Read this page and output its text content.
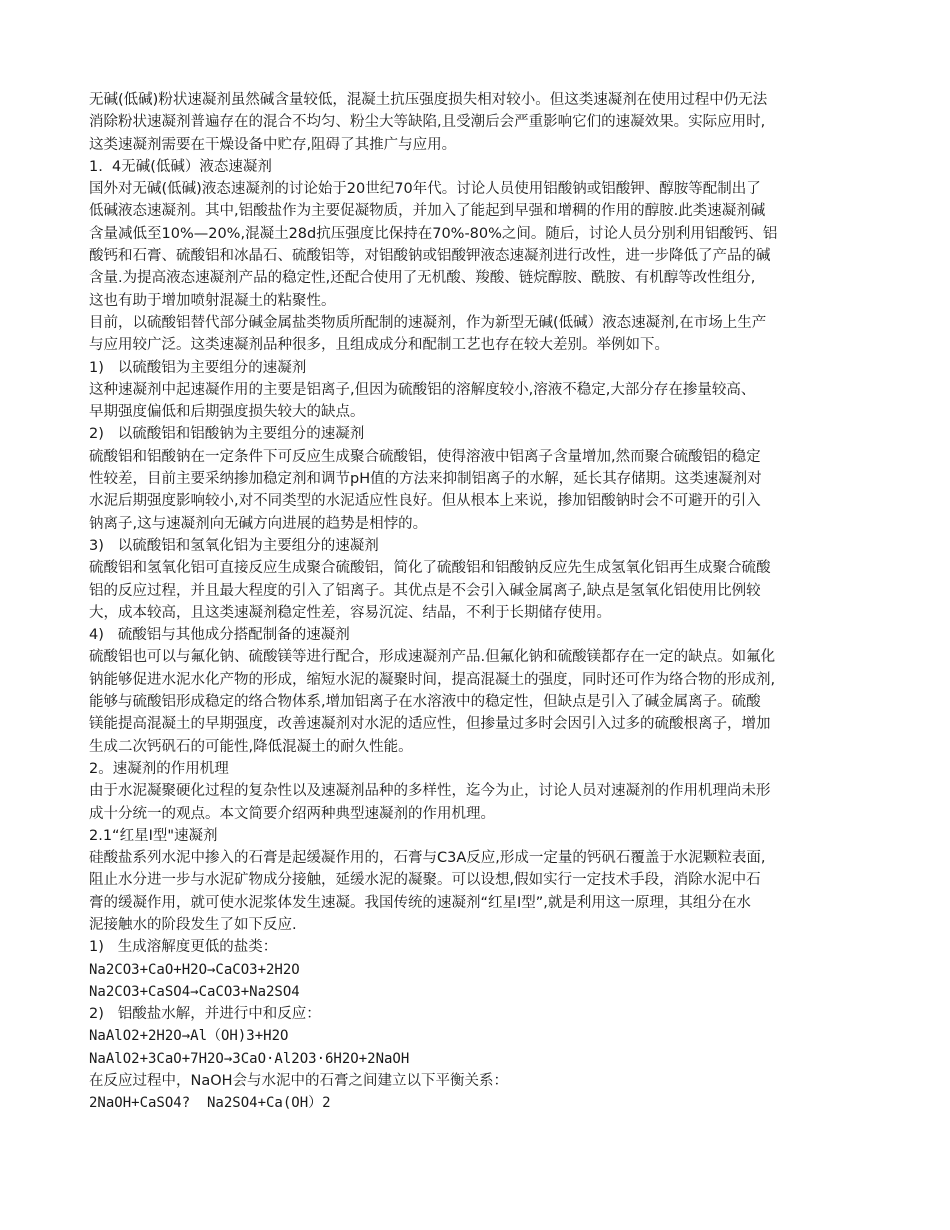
无碱(低碱)粉状速凝剂虽然碱含量较低，混凝土抗压强度损失相对较小。但这类速凝剂在使用过程中仍无法
消除粉状速凝剂普遍存在的混合不均匀、粉尘大等缺陷,且受潮后会严重影响它们的速凝效果。实际应用时,
这类速凝剂需要在干燥设备中贮存,阻碍了其推广与应用。
1.  4无碱(低碱）液态速凝剂
国外对无碱(低碱)液态速凝剂的讨论始于20世纪70年代。讨论人员使用铝酸钠或铝酸钾、醇胺等配制出了
低碱液态速凝剂。其中,铝酸盐作为主要促凝物质，并加入了能起到早强和增稠的作用的醇胺.此类速凝剂碱
含量减低至10%—20%,混凝土28d抗压强度比保持在70%-80%之间。随后，讨论人员分别利用铝酸钙、铝
酸钙和石膏、硫酸铝和冰晶石、硫酸铝等，对铝酸钠或铝酸钾液态速凝剂进行改性，进一步降低了产品的碱
含量.为提高液态速凝剂产品的稳定性,还配合使用了无机酸、羧酸、链烷醇胺、酰胺、有机醇等改性组分,
这也有助于增加喷射混凝土的粘聚性。
目前，以硫酸铝替代部分碱金属盐类物质所配制的速凝剂，作为新型无碱(低碱）液态速凝剂,在市场上生产
与应用较广泛。这类速凝剂品种很多，且组成成分和配制工艺也存在较大差别。举例如下。
1)   以硫酸铝为主要组分的速凝剂
这种速凝剂中起速凝作用的主要是铝离子,但因为硫酸铝的溶解度较小,溶液不稳定,大部分存在掺量较高、
早期强度偏低和后期强度损失较大的缺点。
2)   以硫酸铝和铝酸钠为主要组分的速凝剂
硫酸铝和铝酸钠在一定条件下可反应生成聚合硫酸铝，使得溶液中铝离子含量增加,然而聚合硫酸铝的稳定
性较差，目前主要采纳掺加稳定剂和调节pH值的方法来抑制铝离子的水解，延长其存储期。这类速凝剂对
水泥后期强度影响较小,对不同类型的水泥适应性良好。但从根本上来说，掺加铝酸钠时会不可避开的引入
钠离子,这与速凝剂向无碱方向进展的趋势是相悖的。
3)   以硫酸铝和氢氧化铝为主要组分的速凝剂
硫酸铝和氢氧化铝可直接反应生成聚合硫酸铝，简化了硫酸铝和铝酸钠反应先生成氢氧化铝再生成聚合硫酸
铝的反应过程，并且最大程度的引入了铝离子。其优点是不会引入碱金属离子,缺点是氢氧化铝使用比例较
大，成本较高，且这类速凝剂稳定性差，容易沉淀、结晶，不利于长期储存使用。
4)   硫酸铝与其他成分搭配制备的速凝剂
硫酸铝也可以与氟化钠、硫酸镁等进行配合，形成速凝剂产品.但氟化钠和硫酸镁都存在一定的缺点。如氟化
钠能够促进水泥水化产物的形成，缩短水泥的凝聚时间，提高混凝土的强度，同时还可作为络合物的形成剂,
能够与硫酸铝形成稳定的络合物体系,增加铝离子在水溶液中的稳定性，但缺点是引入了碱金属离子。硫酸
镁能提高混凝土的早期强度，改善速凝剂对水泥的适应性，但掺量过多时会因引入过多的硫酸根离子，增加
生成二次钙矾石的可能性,降低混凝土的耐久性能。
2。速凝剂的作用机理
由于水泥凝聚硬化过程的复杂性以及速凝剂品种的多样性，迄今为止，讨论人员对速凝剂的作用机理尚未形
成十分统一的观点。本文简要介绍两种典型速凝剂的作用机理。
2.1“红星Ⅰ型"速凝剂
硅酸盐系列水泥中掺入的石膏是起缓凝作用的，石膏与C3A反应,形成一定量的钙矾石覆盖于水泥颗粒表面,
阻止水分进一步与水泥矿物成分接触，延缓水泥的凝聚。可以设想,假如实行一定技术手段，消除水泥中石
膏的缓凝作用，就可使水泥浆体发生速凝。我国传统的速凝剂“红星Ⅰ型”,就是利用这一原理，其组分在水
泥接触水的阶段发生了如下反应.
1)   生成溶解度更低的盐类：
Na2CO3+CaO+H2O→CaCO3+2H2O
Na2CO3+CaSO4→CaCO3+Na2SO4
2)   铝酸盐水解，并进行中和反应：
NaAlO2+2H2O→Al（OH)3+H2O
NaAlO2+3CaO+7H2O→3CaO·Al2O3·6H2O+2NaOH
在反应过程中，NaOH会与水泥中的石膏之间建立以下平衡关系：
2NaOH+CaSO4?  Na2SO4+Ca(OH）2
